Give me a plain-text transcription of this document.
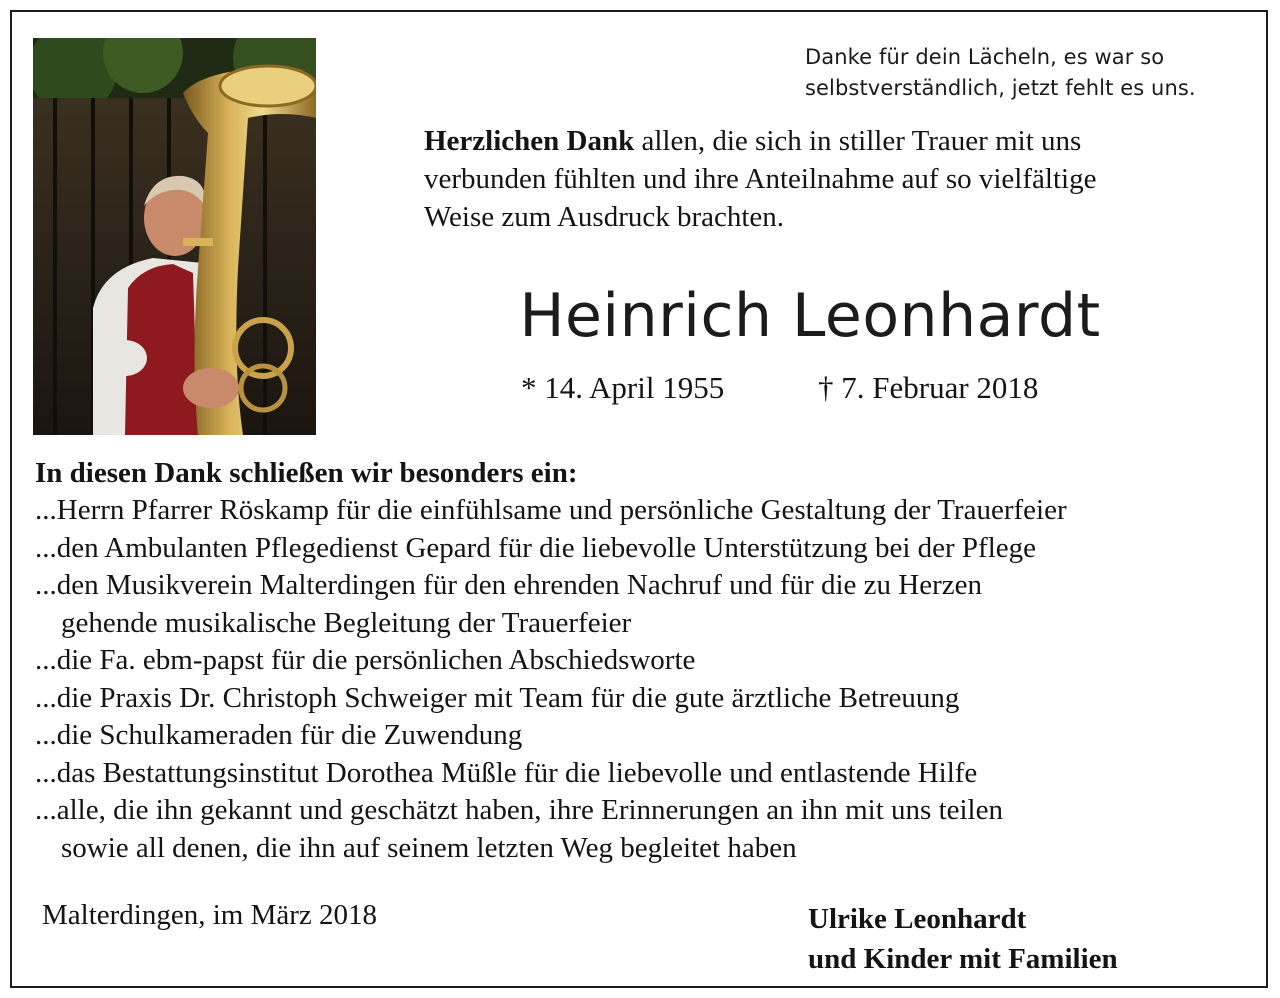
Danke für dein Lächeln, es war so
selbstverständlich, jetzt fehlt es uns.
Herzlichen Dank allen, die sich in stiller Trauer mit uns
verbunden fühlten und ihre Anteilnahme auf so vielfältige
Weise zum Ausdruck brachten.
Heinrich Leonhardt
* 14. April 1955	† 7. Februar 2018
In diesen Dank schließen wir besonders ein:
...Herrn Pfarrer Röskamp für die einfühlsame und persönliche Gestaltung der Trauerfeier
...den Ambulanten Pflegedienst Gepard für die liebevolle Unterstützung bei der Pflege
...den Musikverein Malterdingen für den ehrenden Nachruf und für die zu Herzen
gehende musikalische Begleitung der Trauerfeier
...die Fa. ebm-papst für die persönlichen Abschiedsworte
...die Praxis Dr. Christoph Schweiger mit Team für die gute ärztliche Betreuung
...die Schulkameraden für die Zuwendung
...das Bestattungsinstitut Dorothea Müßle für die liebevolle und entlastende Hilfe
...alle, die ihn gekannt und geschätzt haben, ihre Erinnerungen an ihn mit uns teilen
sowie all denen, die ihn auf seinem letzten Weg begleitet haben
Malterdingen, im März 2018	Ulrike Leonhardt
und Kinder mit Familien
